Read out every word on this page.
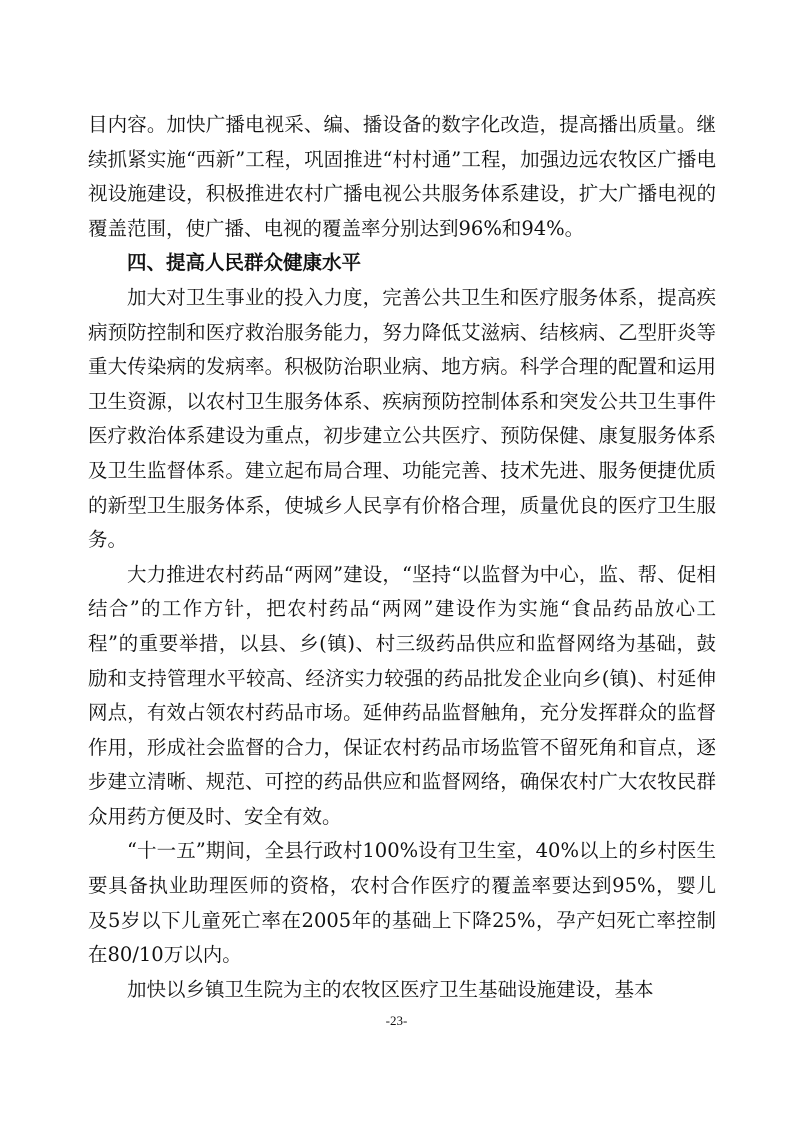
目内容。加快广播电视采、编、播设备的数字化改造，提高播出质量。继续抓紧实施“西新”工程，巩固推进“村村通”工程，加强边远农牧区广播电视设施建设，积极推进农村广播电视公共服务体系建设，扩大广播电视的覆盖范围，使广播、电视的覆盖率分别达到96%和94%。

四、提高人民群众健康水平

加大对卫生事业的投入力度，完善公共卫生和医疗服务体系，提高疾病预防控制和医疗救治服务能力，努力降低艾滋病、结核病、乙型肝炎等重大传染病的发病率。积极防治职业病、地方病。科学合理的配置和运用卫生资源，以农村卫生服务体系、疾病预防控制体系和突发公共卫生事件医疗救治体系建设为重点，初步建立公共医疗、预防保健、康复服务体系及卫生监督体系。建立起布局合理、功能完善、技术先进、服务便捷优质的新型卫生服务体系，使城乡人民享有价格合理，质量优良的医疗卫生服务。

大力推进农村药品“两网”建设，“坚持“以监督为中心，监、帮、促相结合”的工作方针，把农村药品“两网”建设作为实施“食品药品放心工程”的重要举措，以县、乡(镇)、村三级药品供应和监督网络为基础，鼓励和支持管理水平较高、经济实力较强的药品批发企业向乡(镇)、村延伸网点，有效占领农村药品市场。延伸药品监督触角，充分发挥群众的监督作用，形成社会监督的合力，保证农村药品市场监管不留死角和盲点，逐步建立清晰、规范、可控的药品供应和监督网络，确保农村广大农牧民群众用药方便及时、安全有效。

“十一五”期间，全县行政村100%设有卫生室，40%以上的乡村医生要具备执业助理医师的资格，农村合作医疗的覆盖率要达到95%，婴儿及5岁以下儿童死亡率在2005年的基础上下降25%，孕产妇死亡率控制在80/10万以内。

加快以乡镇卫生院为主的农牧区医疗卫生基础设施建设，基本

-23-
